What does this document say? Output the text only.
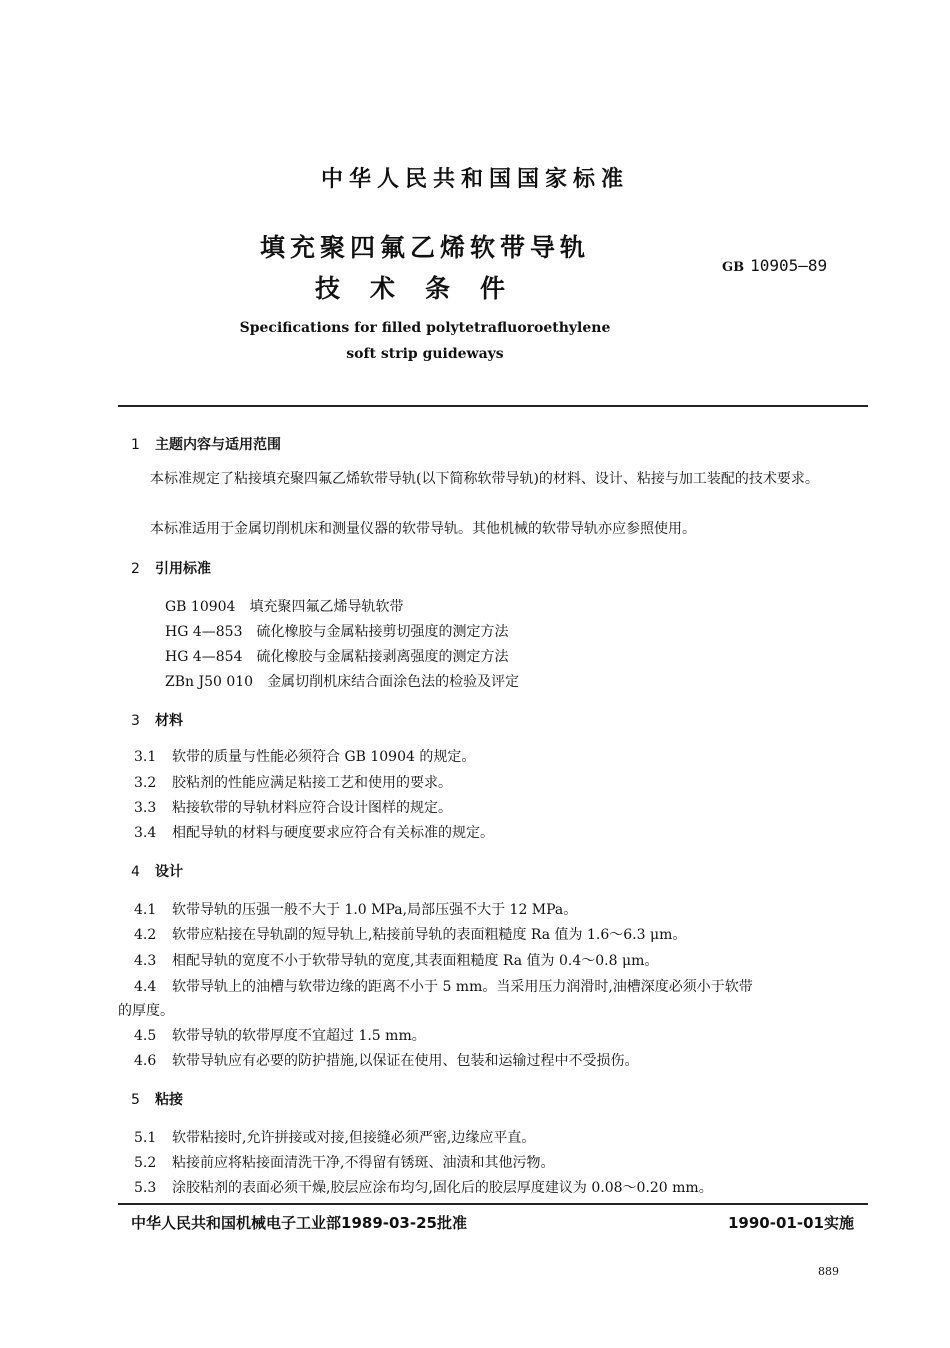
中华人民共和国国家标准
填充聚四氟乙烯软带导轨
技术条件
GB 10905—89
Specifications for filled polytetrafluoroethylene
soft strip guideways
1 主题内容与适用范围
本标准规定了粘接填充聚四氟乙烯软带导轨(以下简称软带导轨)的材料、设计、粘接与加工装配的技术要求。
本标准适用于金属切削机床和测量仪器的软带导轨。其他机械的软带导轨亦应参照使用。
2 引用标准
GB 10904　填充聚四氟乙烯导轨软带
HG 4—853　硫化橡胶与金属粘接剪切强度的测定方法
HG 4—854　硫化橡胶与金属粘接剥离强度的测定方法
ZBn J50 010　金属切削机床结合面涂色法的检验及评定
3 材料
3.1 软带的质量与性能必须符合 GB 10904 的规定。
3.2 胶粘剂的性能应满足粘接工艺和使用的要求。
3.3 粘接软带的导轨材料应符合设计图样的规定。
3.4 相配导轨的材料与硬度要求应符合有关标准的规定。
4 设计
4.1 软带导轨的压强一般不大于 1.0 MPa,局部压强不大于 12 MPa。
4.2 软带应粘接在导轨副的短导轨上,粘接前导轨的表面粗糙度 Ra 值为 1.6～6.3 μm。
4.3 相配导轨的宽度不小于软带导轨的宽度,其表面粗糙度 Ra 值为 0.4～0.8 μm。
4.4 软带导轨上的油槽与软带边缘的距离不小于 5 mm。当采用压力润滑时,油槽深度必须小于软带
的厚度。
4.5 软带导轨的软带厚度不宜超过 1.5 mm。
4.6 软带导轨应有必要的防护措施,以保证在使用、包装和运输过程中不受损伤。
5 粘接
5.1 软带粘接时,允许拼接或对接,但接缝必须严密,边缘应平直。
5.2 粘接前应将粘接面清洗干净,不得留有锈斑、油渍和其他污物。
5.3 涂胶粘剂的表面必须干燥,胶层应涂布均匀,固化后的胶层厚度建议为 0.08～0.20 mm。
中华人民共和国机械电子工业部1989-03-25批准	1990-01-01实施
889
